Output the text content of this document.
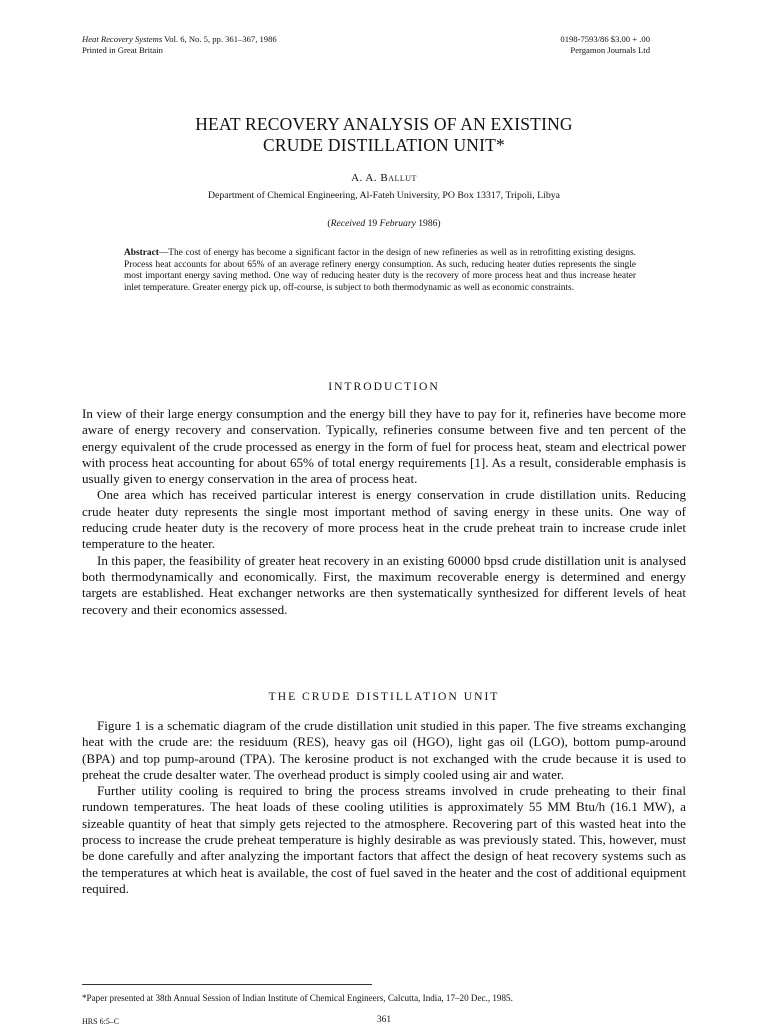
Heat Recovery Systems Vol. 6, No. 5, pp. 361–367, 1986
Printed in Great Britain
0198-7593/86 $3.00 + .00
Pergamon Journals Ltd
HEAT RECOVERY ANALYSIS OF AN EXISTING
CRUDE DISTILLATION UNIT*
A. A. Ballut
Department of Chemical Engineering, Al-Fateh University, PO Box 13317, Tripoli, Libya
(Received 19 February 1986)
Abstract—The cost of energy has become a significant factor in the design of new refineries as well as in retrofitting existing designs. Process heat accounts for about 65% of an average refinery energy consumption. As such, reducing heater duties represents the single most important energy saving method. One way of reducing heater duty is the recovery of more process heat and thus increase heater inlet temperature. Greater energy pick up, off-course, is subject to both thermodynamic as well as economic constraints.
INTRODUCTION

In view of their large energy consumption and the energy bill they have to pay for it, refineries have become more aware of energy recovery and conservation. Typically, refineries consume between five and ten percent of the energy equivalent of the crude processed as energy in the form of fuel for process heat, steam and electrical power with process heat accounting for about 65% of total energy requirements [1]. As a result, considerable emphasis is usually given to energy conservation in the area of process heat.

One area which has received particular interest is energy conservation in crude distillation units. Reducing crude heater duty represents the single most important method of saving energy in these units. One way of reducing crude heater duty is the recovery of more process heat in the crude preheat train to increase crude inlet temperature to the heater.

In this paper, the feasibility of greater heat recovery in an existing 60000 bpsd crude distillation unit is analysed both thermodynamically and economically. First, the maximum recoverable energy is determined and energy targets are established. Heat exchanger networks are then systematically synthesized for different levels of heat recovery and their economics assessed.

THE CRUDE DISTILLATION UNIT

Figure 1 is a schematic diagram of the crude distillation unit studied in this paper. The five streams exchanging heat with the crude are: the residuum (RES), heavy gas oil (HGO), light gas oil (LGO), bottom pump-around (BPA) and top pump-around (TPA). The kerosine product is not exchanged with the crude because it is used to preheat the crude desalter water. The overhead product is simply cooled using air and water.

Further utility cooling is required to bring the process streams involved in crude preheating to their final rundown temperatures. The heat loads of these cooling utilities is approximately 55 MM Btu/h (16.1 MW), a sizeable quantity of heat that simply gets rejected to the atmosphere. Recovering part of this wasted heat into the process to increase the crude preheat temperature is highly desirable as was previously stated. This, however, must be done carefully and after analyzing the important factors that affect the design of heat recovery systems such as the temperatures at which heat is available, the cost of fuel saved in the heater and the cost of additional equipment required.

*Paper presented at 38th Annual Session of Indian Institute of Chemical Engineers, Calcutta, India, 17–20 Dec., 1985.
HRS 6:5–C	361
